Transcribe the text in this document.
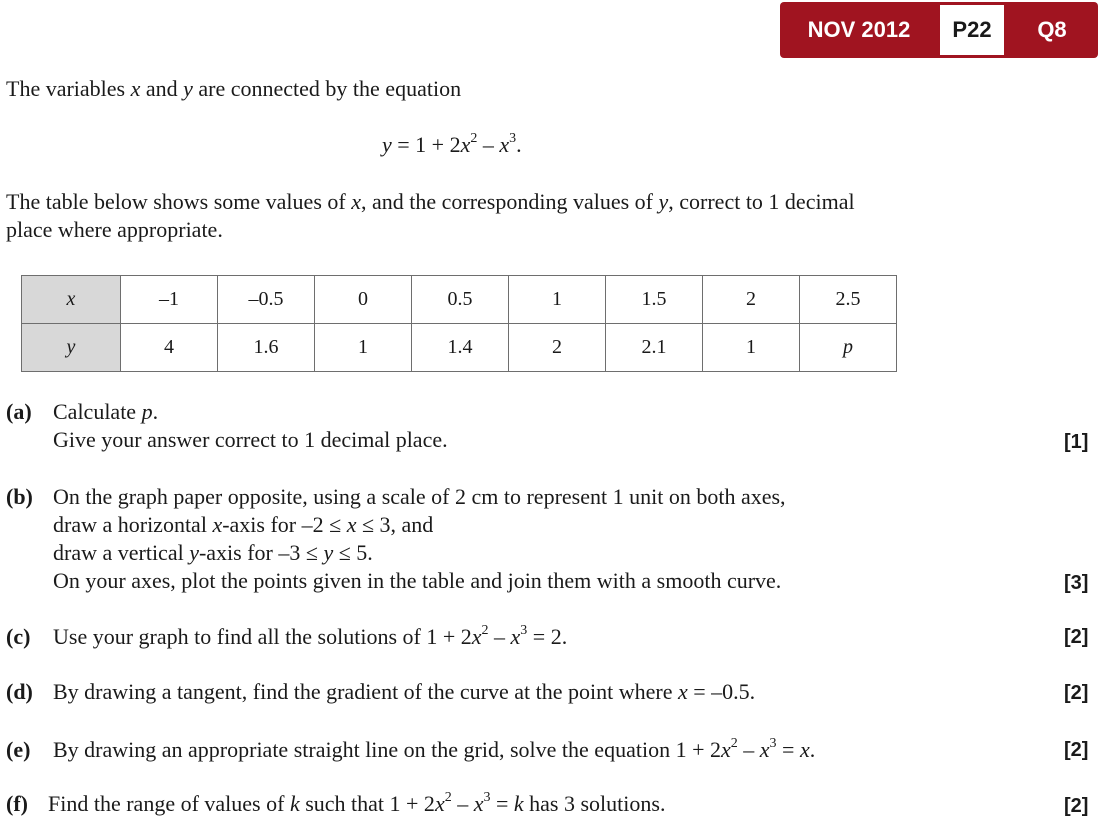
NOV 2012	P22	Q8
The variables x and y are connected by the equation
$y = 1 + 2x^2 - x^3$.
The table below shows some values of x, and the corresponding values of y, correct to 1 decimal
place where appropriate.
x	–1	–0.5	0	0.5	1	1.5	2	2.5
y	4	1.6	1	1.4	2	2.1	1	p
(a) Calculate p.
Give your answer correct to 1 decimal place.	[1]
(b) On the graph paper opposite, using a scale of 2 cm to represent 1 unit on both axes,
draw a horizontal x-axis for –2 ≤ x ≤ 3, and
draw a vertical y-axis for –3 ≤ y ≤ 5.
On your axes, plot the points given in the table and join them with a smooth curve.	[3]
(c) Use your graph to find all the solutions of $1 + 2x^2 - x^3 = 2$.	[2]
(d) By drawing a tangent, find the gradient of the curve at the point where x = –0.5.	[2]
(e) By drawing an appropriate straight line on the grid, solve the equation $1 + 2x^2 - x^3 = x$.	[2]
(f) Find the range of values of k such that $1 + 2x^2 - x^3 = k$ has 3 solutions.	[2]
